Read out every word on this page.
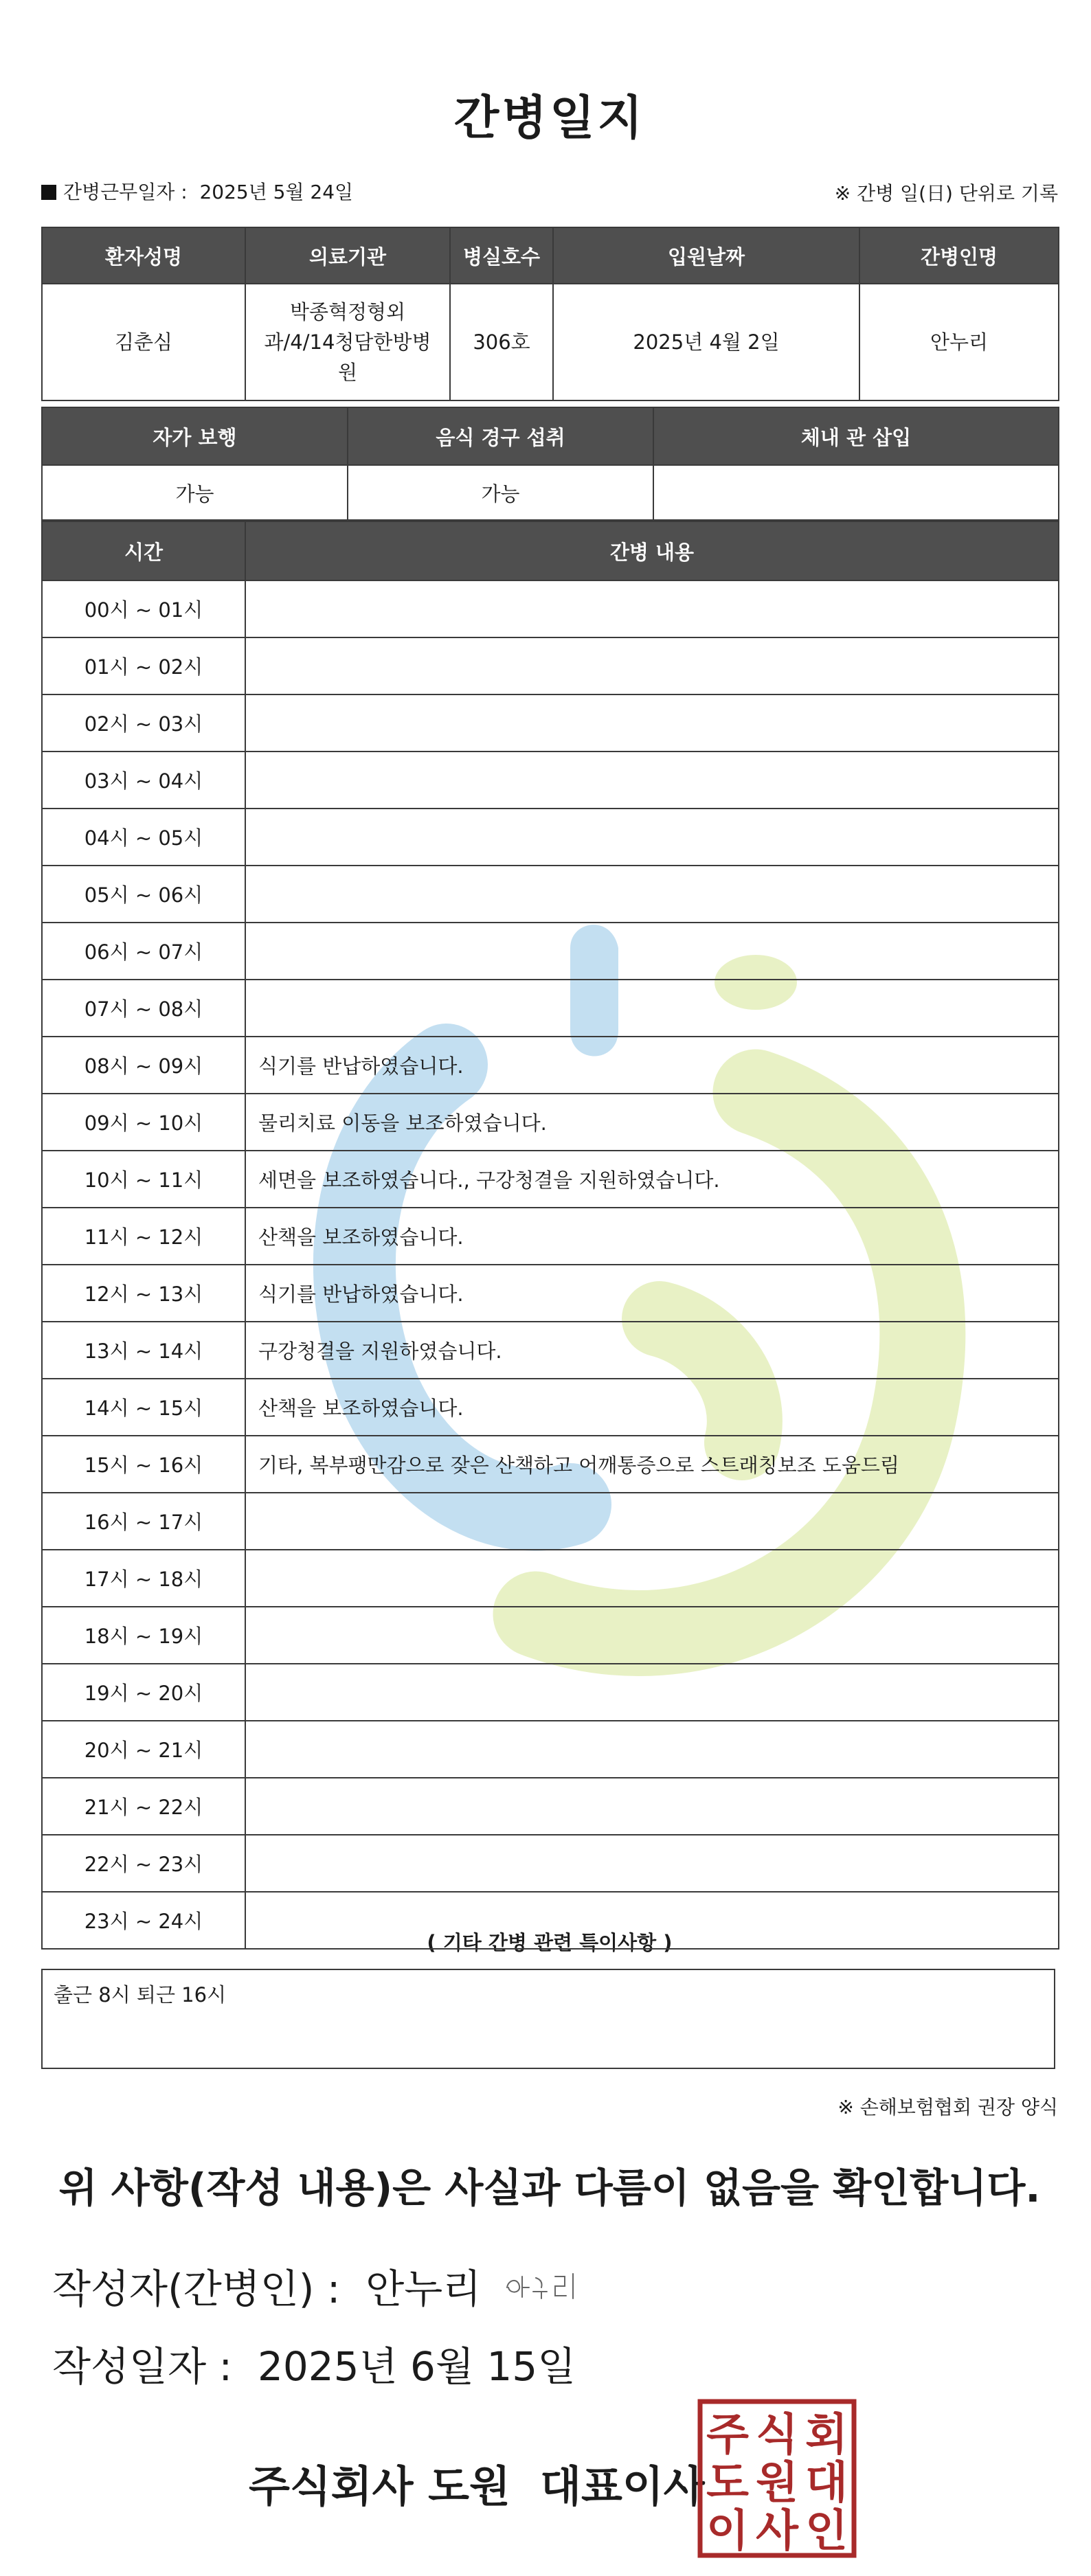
간병일지
간병근무일자 : 2025년 5월 24일	※ 간병 일(日) 단위로 기록
환자성명	의료기관	병실호수	입원날짜	간병인명
김춘심	박종혁정형외
과/4/14청담한방병
원	306호	2025년 4월 2일	안누리
자가 보행	음식 경구 섭취	체내 관 삽입
가능	가능	
시간	간병 내용
00시 ~ 01시	
01시 ~ 02시	
02시 ~ 03시	
03시 ~ 04시	
04시 ~ 05시	
05시 ~ 06시	
06시 ~ 07시	
07시 ~ 08시	
08시 ~ 09시	식기를 반납하였습니다.
09시 ~ 10시	물리치료 이동을 보조하였습니다.
10시 ~ 11시	세면을 보조하였습니다., 구강청결을 지원하였습니다.
11시 ~ 12시	산책을 보조하였습니다.
12시 ~ 13시	식기를 반납하였습니다.
13시 ~ 14시	구강청결을 지원하였습니다.
14시 ~ 15시	산책을 보조하였습니다.
15시 ~ 16시	기타, 복부팽만감으로 잦은 산책하고 어깨통증으로 스트래칭보조 도움드림
16시 ~ 17시	
17시 ~ 18시	
18시 ~ 19시	
19시 ~ 20시	
20시 ~ 21시	
21시 ~ 22시	
22시 ~ 23시	
23시 ~ 24시	
( 기타 간병 관련 특이사항 )
출근 8시 퇴근 16시
※ 손해보험협회 권장 양식
위 사항(작성 내용)은 사실과 다름이 없음을 확인합니다.
작성자(간병인) : 안누리
작성일자 : 2025년 6월 15일
주식회사 도원  대표이사
주 식 회
도 원 대
이 사 인
